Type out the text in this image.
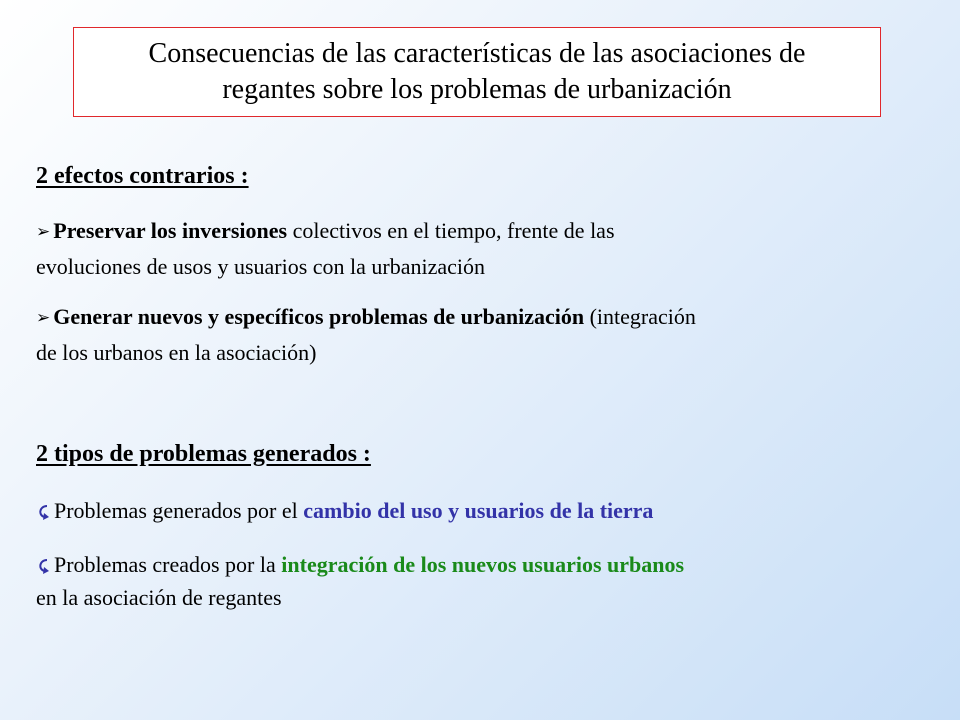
Consecuencias de las características de las asociaciones de
regantes sobre los problemas de urbanización
2 efectos contrarios :
➢ Preservar los inversiones colectivos en el tiempo, frente de las
evoluciones de usos y usuarios con la urbanización
➢ Generar nuevos y específicos problemas de urbanización (integración
de los urbanos en la asociación)
2 tipos de problemas generados :
Problemas generados por el cambio del uso y usuarios de la tierra
Problemas creados por la integración de los nuevos usuarios urbanos
en la asociación de regantes
